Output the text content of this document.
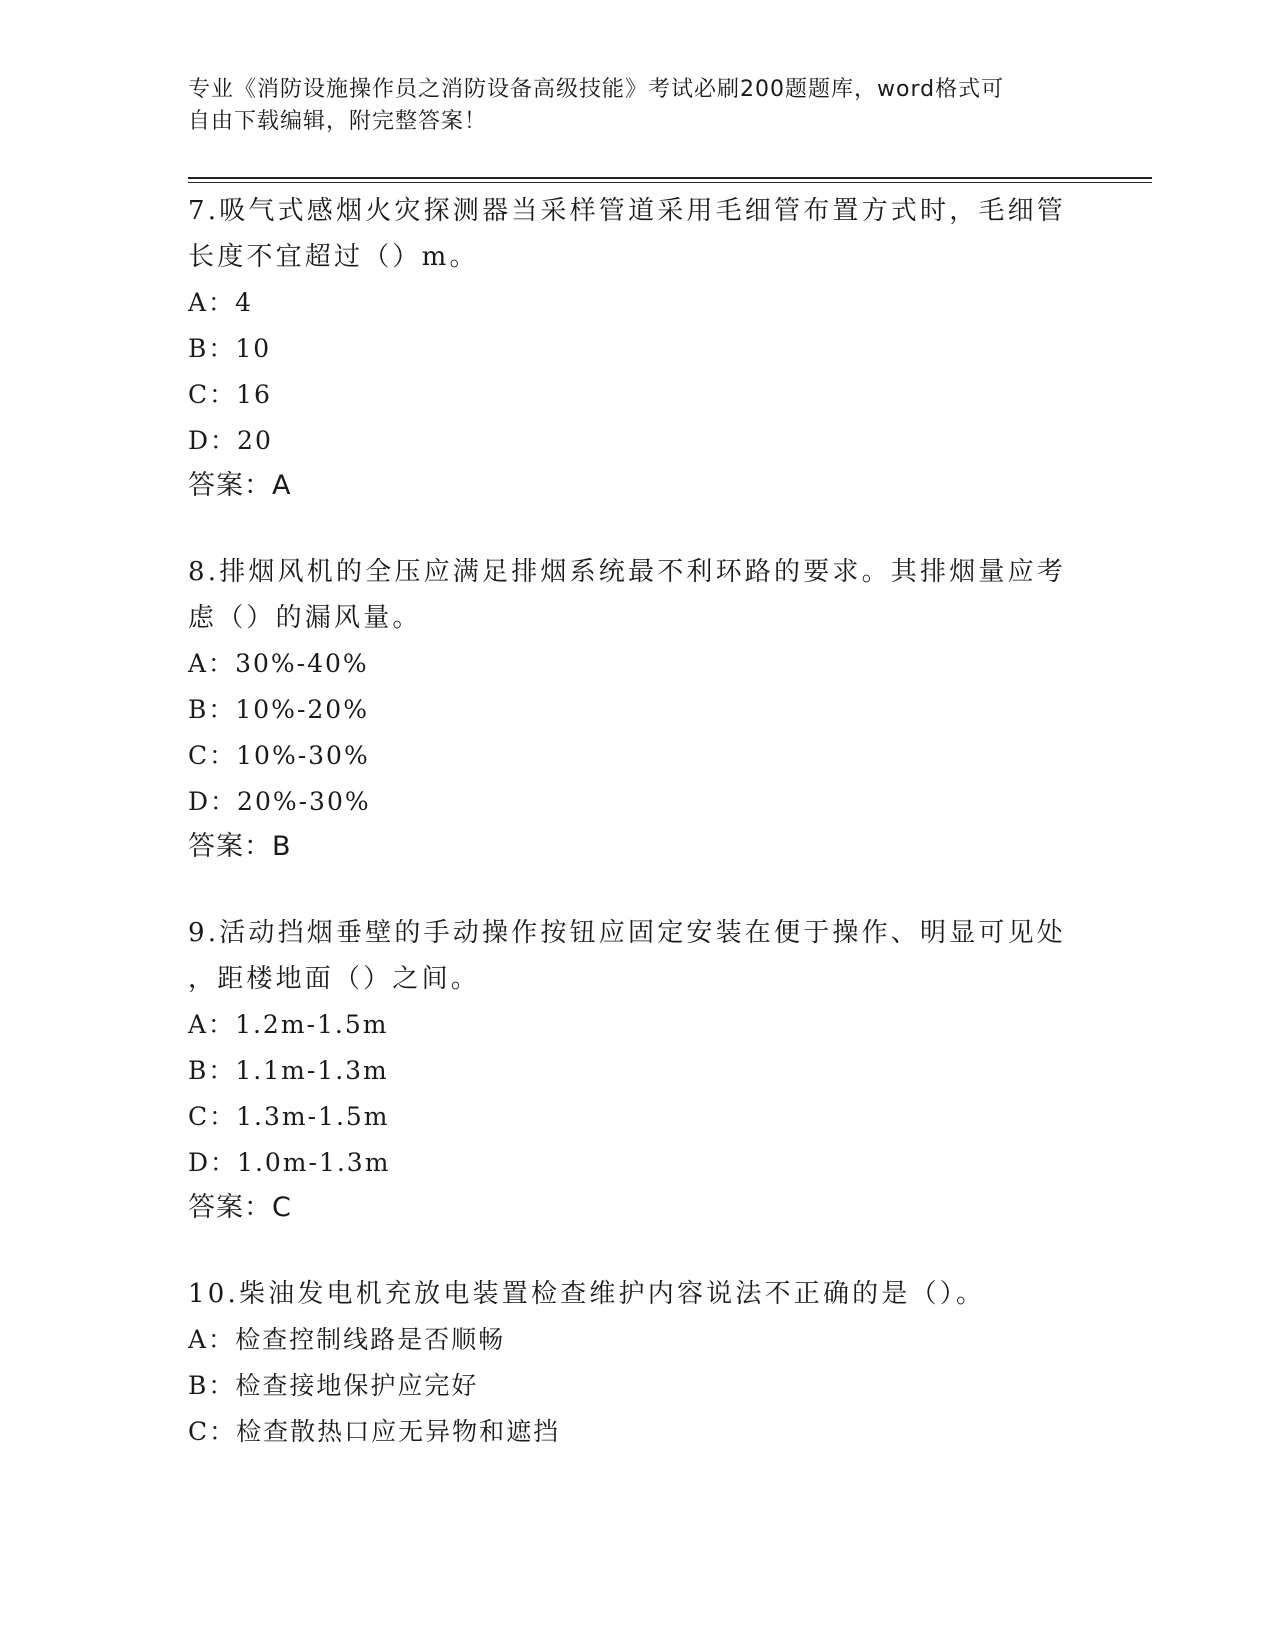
专业《消防设施操作员之消防设备高级技能》考试必刷200题题库，word格式可
自由下载编辑，附完整答案！
7.吸气式感烟火灾探测器当采样管道采用毛细管布置方式时，毛细管
长度不宜超过（）m。
A：4
B：10
C：16
D：20
答案：A
8.排烟风机的全压应满足排烟系统最不利环路的要求。其排烟量应考
虑（）的漏风量。
A：30%-40%
B：10%-20%
C：10%-30%
D：20%-30%
答案：B
9.活动挡烟垂壁的手动操作按钮应固定安装在便于操作、明显可见处
，距楼地面（）之间。
A：1.2m-1.5m
B：1.1m-1.3m
C：1.3m-1.5m
D：1.0m-1.3m
答案：C
10.柴油发电机充放电装置检查维护内容说法不正确的是（）。
A：检查控制线路是否顺畅
B：检查接地保护应完好
C：检查散热口应无异物和遮挡
